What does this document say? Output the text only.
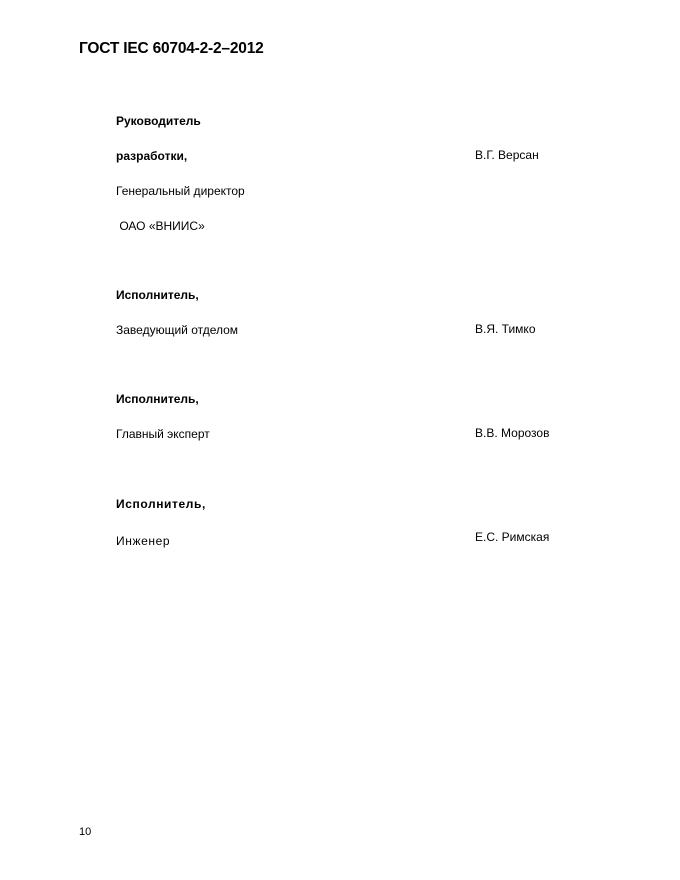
ГОСТ IEC 60704-2-2–2012
Руководитель
разработки,	В.Г. Версан
Генеральный директор
ОАО «ВНИИС»
Исполнитель,
Заведующий отделом	В.Я. Тимко
Исполнитель,
Главный эксперт	В.В. Морозов
Исполнитель,
Инженер	Е.С. Римская
10
